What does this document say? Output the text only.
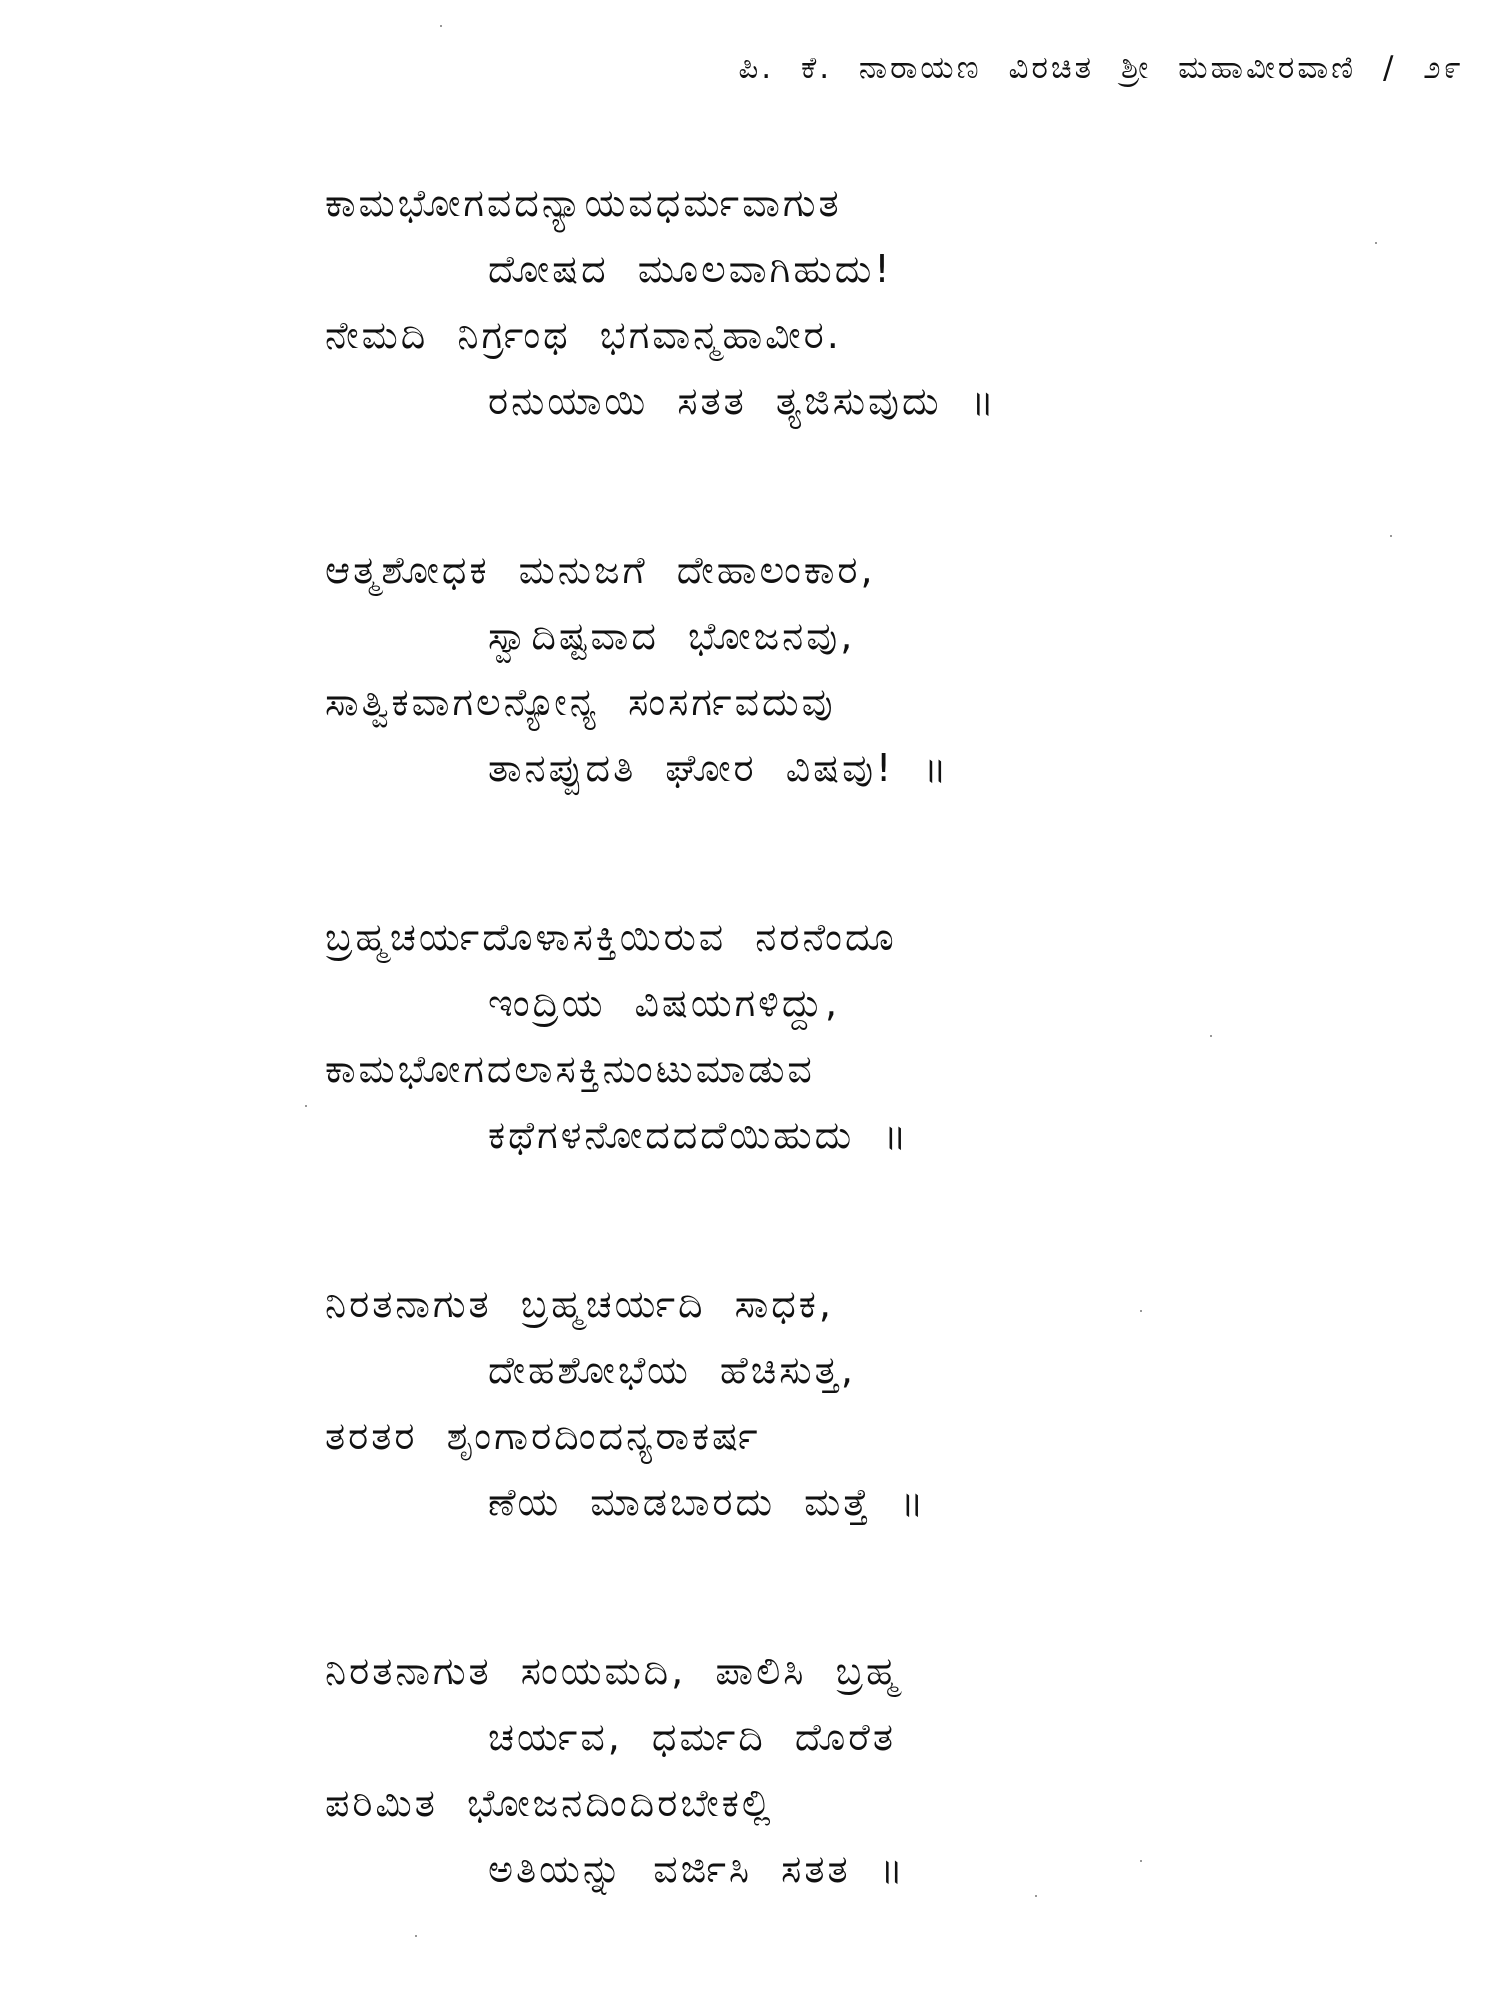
ಪಿ. ಕೆ. ನಾರಾಯಣ ವಿರಚಿತ ಶ್ರೀ ಮಹಾವೀರವಾಣಿ / ೨೯
ಕಾಮಭೋಗವದನ್ಯಾಯವಧರ್ಮವಾಗುತ
ದೋಷದ ಮೂಲವಾಗಿಹುದು!
ನೇಮದಿ ನಿರ್ಗ್ರಂಥ ಭಗವಾನ್ಮಹಾವೀರ.
ರನುಯಾಯಿ ಸತತ ತ್ಯಜಿಸುವುದು ॥
ಆತ್ಮಶೋಧಕ ಮನುಜಗೆ ದೇಹಾಲಂಕಾರ,
ಸ್ವಾದಿಷ್ಟವಾದ ಭೋಜನವು,
ಸಾತ್ವಿಕವಾಗಲನ್ಯೋನ್ಯ ಸಂಸರ್ಗವದುವು
ತಾನಪ್ಪುದತಿ ಘೋರ ವಿಷವು! ॥
ಬ್ರಹ್ಮಚರ್ಯದೊಳಾಸಕ್ತಿಯಿರುವ ನರನೆಂದೂ
ಇಂದ್ರಿಯ ವಿಷಯಗಳಿದ್ದು,
ಕಾಮಭೋಗದಲಾಸಕ್ತಿನುಂಟುಮಾಡುವ
ಕಥೆಗಳನೋದದದೆಯಿಹುದು ॥
ನಿರತನಾಗುತ ಬ್ರಹ್ಮಚರ್ಯದಿ ಸಾಧಕ,
ದೇಹಶೋಭೆಯ ಹೆಚಿಸುತ್ತ,
ತರತರ ಶೃಂಗಾರದಿಂದನ್ಯರಾಕರ್ಷ
ಣೆಯ ಮಾಡಬಾರದು ಮತ್ತೆ ॥
ನಿರತನಾಗುತ ಸಂಯಮದಿ, ಪಾಲಿಸಿ ಬ್ರಹ್ಮ
ಚರ್ಯವ, ಧರ್ಮದಿ ದೊರೆತ
ಪರಿಮಿತ ಭೋಜನದಿಂದಿರಬೇಕಲ್ಲಿ
ಅತಿಯನ್ನು ವರ್ಜಿಸಿ ಸತತ ॥
